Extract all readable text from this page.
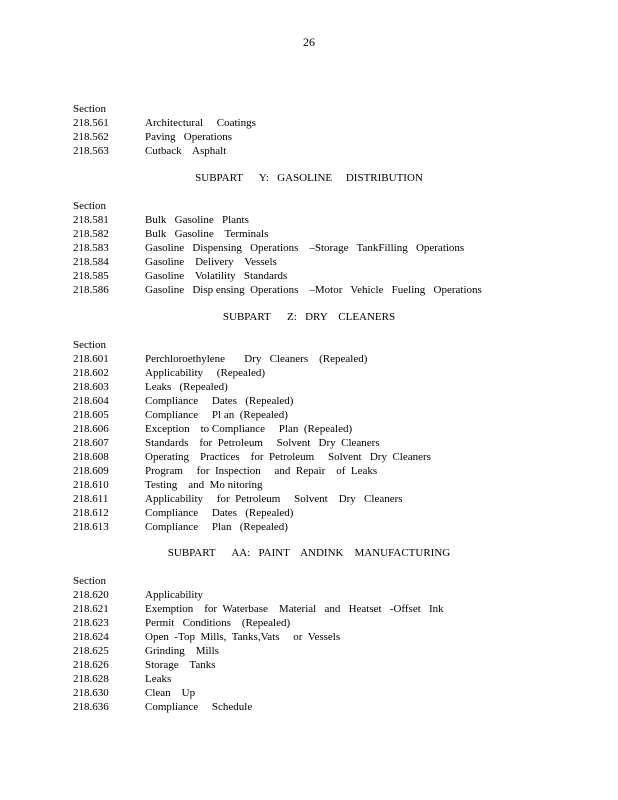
26
Section
218.561	Architectural     Coatings
218.562	Paving   Operations
218.563	Cutback    Asphalt
SUBPART      Y:   GASOLINE     DISTRIBUTION
Section
218.581	Bulk   Gasoline   Plants
218.582	Bulk   Gasoline    Terminals
218.583	Gasoline   Dispensing   Operations    –Storage   TankFilling   Operations
218.584	Gasoline    Delivery    Vessels
218.585	Gasoline    Volatility   Standards
218.586	Gasoline   Disp ensing  Operations    –Motor   Vehicle   Fueling   Operations
SUBPART      Z:   DRY    CLEANERS
Section
218.601	Perchloroethylene       Dry   Cleaners    (Repealed)
218.602	Applicability     (Repealed)
218.603	Leaks   (Repealed)
218.604	Compliance     Dates   (Repealed)
218.605	Compliance     Pl an  (Repealed)
218.606	Exception    to Compliance     Plan  (Repealed)
218.607	Standards    for  Petroleum     Solvent   Dry  Cleaners
218.608	Operating    Practices    for  Petroleum     Solvent   Dry  Cleaners
218.609	Program     for  Inspection     and  Repair    of  Leaks
218.610	Testing    and  Mo nitoring
218.611	Applicability     for  Petroleum     Solvent    Dry   Cleaners
218.612	Compliance     Dates   (Repealed)
218.613	Compliance     Plan   (Repealed)
SUBPART      AA:   PAINT    ANDINK    MANUFACTURING
Section
218.620	Applicability
218.621	Exemption    for  Waterbase    Material   and   Heatset   -Offset   Ink
218.623	Permit   Conditions    (Repealed)
218.624	Open  -Top  Mills,  Tanks,Vats     or  Vessels
218.625	Grinding    Mills
218.626	Storage    Tanks
218.628	Leaks
218.630	Clean    Up
218.636	Compliance     Schedule
